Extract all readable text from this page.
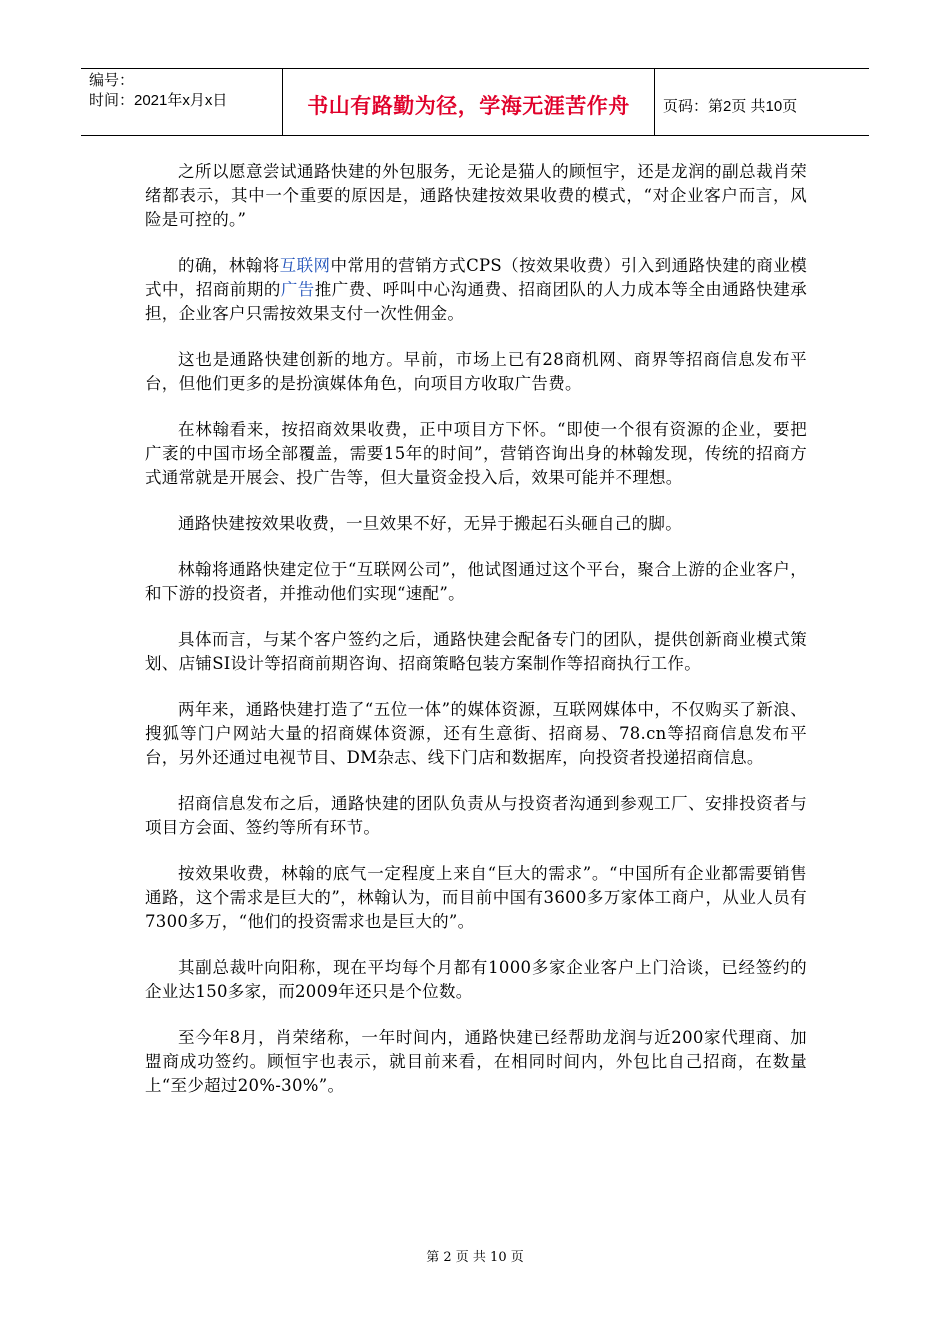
编号：
时间：2021年x月x日	书山有路勤为径，学海无涯苦作舟	页码：第2页 共10页

之所以愿意尝试通路快建的外包服务，无论是猫人的顾恒宇，还是龙润的副总裁肖荣绪都表示，其中一个重要的原因是，通路快建按效果收费的模式，“对企业客户而言，风险是可控的。”

的确，林翰将互联网中常用的营销方式CPS（按效果收费）引入到通路快建的商业模式中，招商前期的广告推广费、呼叫中心沟通费、招商团队的人力成本等全由通路快建承担，企业客户只需按效果支付一次性佣金。

这也是通路快建创新的地方。早前，市场上已有28商机网、商界等招商信息发布平台，但他们更多的是扮演媒体角色，向项目方收取广告费。

在林翰看来，按招商效果收费，正中项目方下怀。“即使一个很有资源的企业，要把广袤的中国市场全部覆盖，需要15年的时间”，营销咨询出身的林翰发现，传统的招商方式通常就是开展会、投广告等，但大量资金投入后，效果可能并不理想。

通路快建按效果收费，一旦效果不好，无异于搬起石头砸自己的脚。

林翰将通路快建定位于“互联网公司”，他试图通过这个平台，聚合上游的企业客户，和下游的投资者，并推动他们实现“速配”。

具体而言，与某个客户签约之后，通路快建会配备专门的团队，提供创新商业模式策划、店铺SI设计等招商前期咨询、招商策略包装方案制作等招商执行工作。

两年来，通路快建打造了“五位一体”的媒体资源，互联网媒体中，不仅购买了新浪、搜狐等门户网站大量的招商媒体资源，还有生意街、招商易、78.cn等招商信息发布平台，另外还通过电视节目、DM杂志、线下门店和数据库，向投资者投递招商信息。

招商信息发布之后，通路快建的团队负责从与投资者沟通到参观工厂、安排投资者与项目方会面、签约等所有环节。

按效果收费，林翰的底气一定程度上来自“巨大的需求”。“中国所有企业都需要销售通路，这个需求是巨大的”，林翰认为，而目前中国有3600多万家体工商户，从业人员有7300多万，“他们的投资需求也是巨大的”。

其副总裁叶向阳称，现在平均每个月都有1000多家企业客户上门洽谈，已经签约的企业达150多家，而2009年还只是个位数。

至今年8月，肖荣绪称，一年时间内，通路快建已经帮助龙润与近200家代理商、加盟商成功签约。顾恒宇也表示，就目前来看，在相同时间内，外包比自己招商，在数量上“至少超过20%-30%”。

第 2 页 共 10 页
